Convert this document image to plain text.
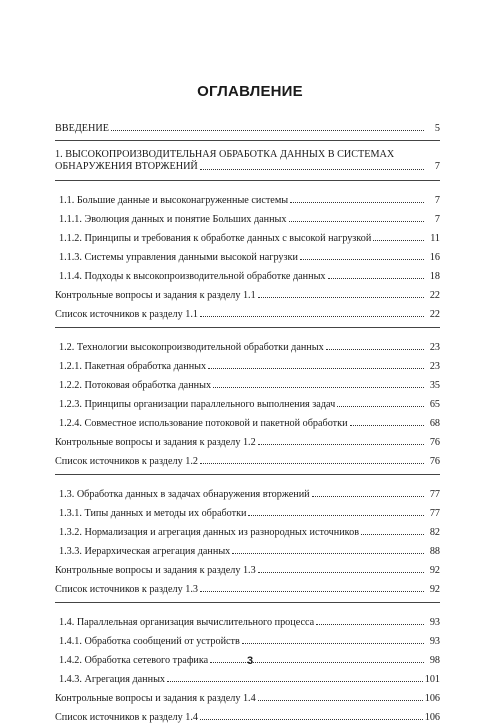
ОГЛАВЛЕНИЕ
ВВЕДЕНИЕ	5
1. ВЫСОКОПРОИЗВОДИТЕЛЬНАЯ ОБРАБОТКА ДАННЫХ В СИСТЕМАХ
ОБНАРУЖЕНИЯ ВТОРЖЕНИЙ	7
1.1. Большие данные и высоконагруженные системы	7
1.1.1. Эволюция данных и понятие Больших данных	7
1.1.2. Принципы и требования к обработке данных с высокой нагрузкой	11
1.1.3. Системы управления данными высокой нагрузки	16
1.1.4. Подходы к высокопроизводительной обработке данных	18
Контрольные вопросы и задания к разделу 1.1	22
Список источников к разделу 1.1	22
1.2. Технологии высокопроизводительной обработки данных	23
1.2.1. Пакетная обработка данных	23
1.2.2. Потоковая обработка данных	35
1.2.3. Принципы организации параллельного выполнения задач	65
1.2.4. Совместное использование потоковой и пакетной обработки	68
Контрольные вопросы и задания к разделу 1.2	76
Список источников к разделу 1.2	76
1.3. Обработка данных в задачах обнаружения вторжений	77
1.3.1. Типы данных и методы их обработки	77
1.3.2. Нормализация и агрегация данных из разнородных источников	82
1.3.3. Иерархическая агрегация данных	88
Контрольные вопросы и задания к разделу 1.3	92
Список источников к разделу 1.3	92
1.4. Параллельная организация вычислительного процесса	93
1.4.1. Обработка сообщений от устройств	93
1.4.2. Обработка сетевого трафика	98
1.4.3. Агрегация данных	101
Контрольные вопросы и задания к разделу 1.4	106
Список источников к разделу 1.4	106
3
